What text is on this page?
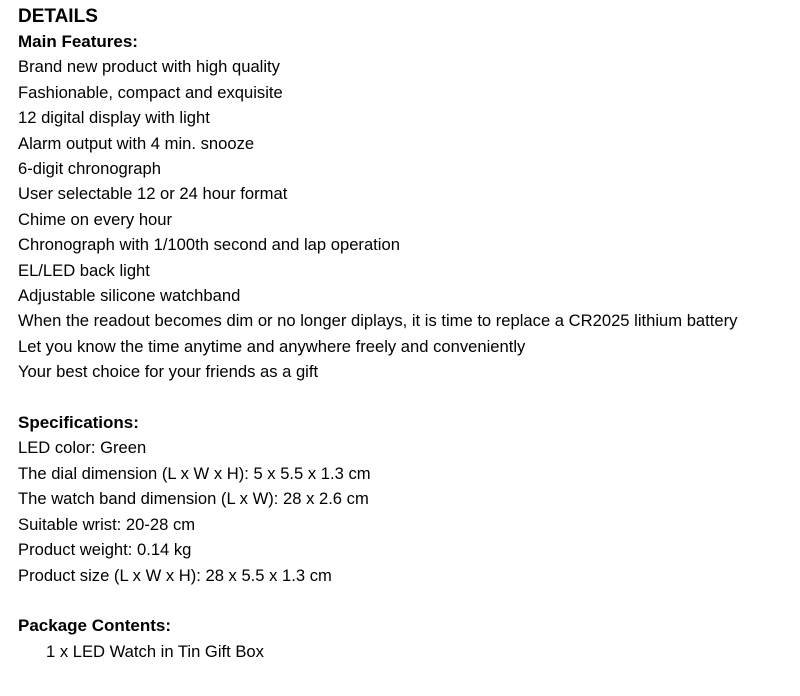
DETAILS
Main Features:
Brand new product with high quality
Fashionable, compact and exquisite
12 digital display with light
Alarm output with 4 min. snooze
6-digit chronograph
User selectable 12 or 24 hour format
Chime on every hour
Chronograph with 1/100th second and lap operation
EL/LED back light
Adjustable silicone watchband
When the readout becomes dim or no longer diplays, it is time to replace a CR2025 lithium battery
Let you know the time anytime and anywhere freely and conveniently
Your best choice for your friends as a gift
Specifications:
LED color: Green
The dial dimension (L x W x H): 5 x 5.5 x 1.3 cm
The watch band dimension (L x W): 28 x 2.6 cm
Suitable wrist: 20-28 cm
Product weight: 0.14 kg
Product size (L x W x H): 28 x 5.5 x 1.3 cm
Package Contents:
1 x LED Watch in Tin Gift Box
